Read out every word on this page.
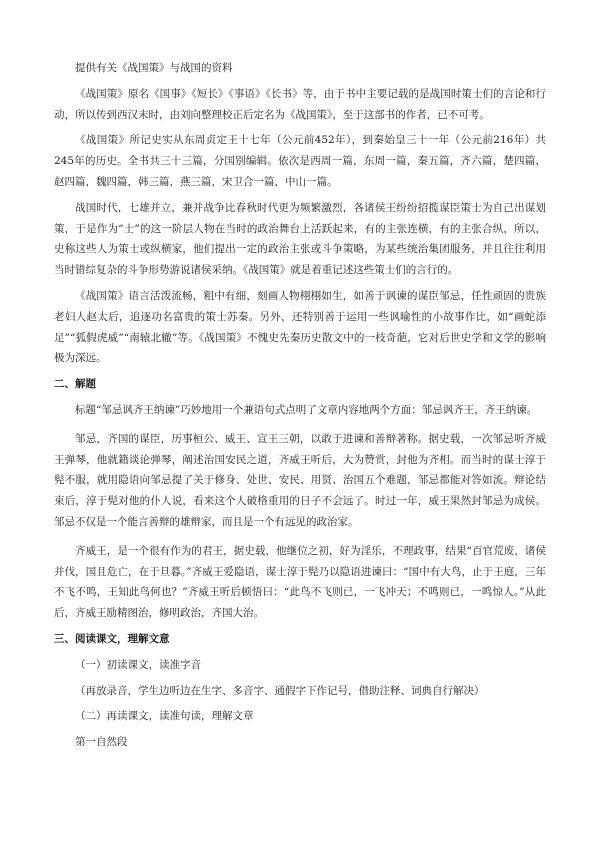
提供有关《战国策》与战国的资料

《战国策》原名《国事》《短长》《事语》《长书》等，由于书中主要记载的是战国时策士们的言论和行动，所以传到西汉末时，由刘向整理校正后定名为《战国策》，至于这部书的作者，已不可考。

《战国策》所记史实从东周贞定王十七年（公元前452年），到秦始皇三十一年（公元前216年）共245年的历史。全书共三十三篇，分国别编辑。依次是西周一篇，东周一篇，秦五篇，齐六篇，楚四篇，赵四篇，魏四篇，韩三篇，燕三篇，宋卫合一篇，中山一篇。

战国时代，七雄并立，兼并战争比春秋时代更为频繁激烈，各诸侯王纷纷招揽谋臣策士为自己出谋划策，于是作为“士”的这一阶层人物在当时的政治舞台上活跃起来，有的主张连横，有的主张合纵，所以，史称这些人为策士或纵横家，他们提出一定的政治主张或斗争策略，为某些统治集团服务，并且往往利用当时错综复杂的斗争形势游说诸侯采纳。《战国策》就是着重记述这些策士们的言行的。

《战国策》语言活泼流畅，粗中有细，刻画人物栩栩如生，如善于讽谏的谋臣邹忌，任性顽固的贵族老妇人赵太后，追逐功名富贵的策士苏秦。另外，还特别善于运用一些讽喻性的小故事作比，如“画蛇添足”“狐假虎威”“南辕北辙”等。《战国策》不愧史先秦历史散文中的一枝奇葩，它对后世史学和文学的影响极为深远。

二、解题

标题“邹忌讽齐王纳谏”巧妙地用一个兼语句式点明了文章内容地两个方面：邹忌讽齐王，齐王纳谏。

邹忌，齐国的谋臣，历事桓公、威王、宣王三朝，以敢于进谏和善辩著称。据史载，一次邹忌听齐威王弹琴，他就籍谈论弹琴，阐述治国安民之道，齐威王听后，大为赞赏，封他为齐相。而当时的谋士淳于髡不服，就用隐语向邹忌提了关于修身、处世、安民、用贤、治国五个难题，邹忌都能对答如流。辩论结束后，淳于髡对他的仆人说，看来这个人破格重用的日子不会远了。时过一年，威王果然封邹忌为成侯。邹忌不仅是一个能言善辩的雄辩家，而且是一个有远见的政治家。

齐威王，是一个很有作为的君王，据史载，他继位之初，好为淫乐，不理政事，结果“百官荒废，诸侯并伐，国且危亡，在于旦暮。”齐威王爱隐语，谋士淳于髡乃以隐语进谏曰：“国中有大鸟，止于王庭，三年不飞不鸣，王知此鸟何也？”齐威王听后顿悟曰：“此鸟不飞则已，一飞冲天；不鸣则已，一鸣惊人。”从此后，齐威王励精图治，修明政治，齐国大治。

三、阅读课文，理解文意

（一）初读课文，读准字音

（再放录音，学生边听边在生字、多音字、通假字下作记号，借助注释、词典自行解决）

（二）再读课文，读准句读，理解文章

第一自然段
